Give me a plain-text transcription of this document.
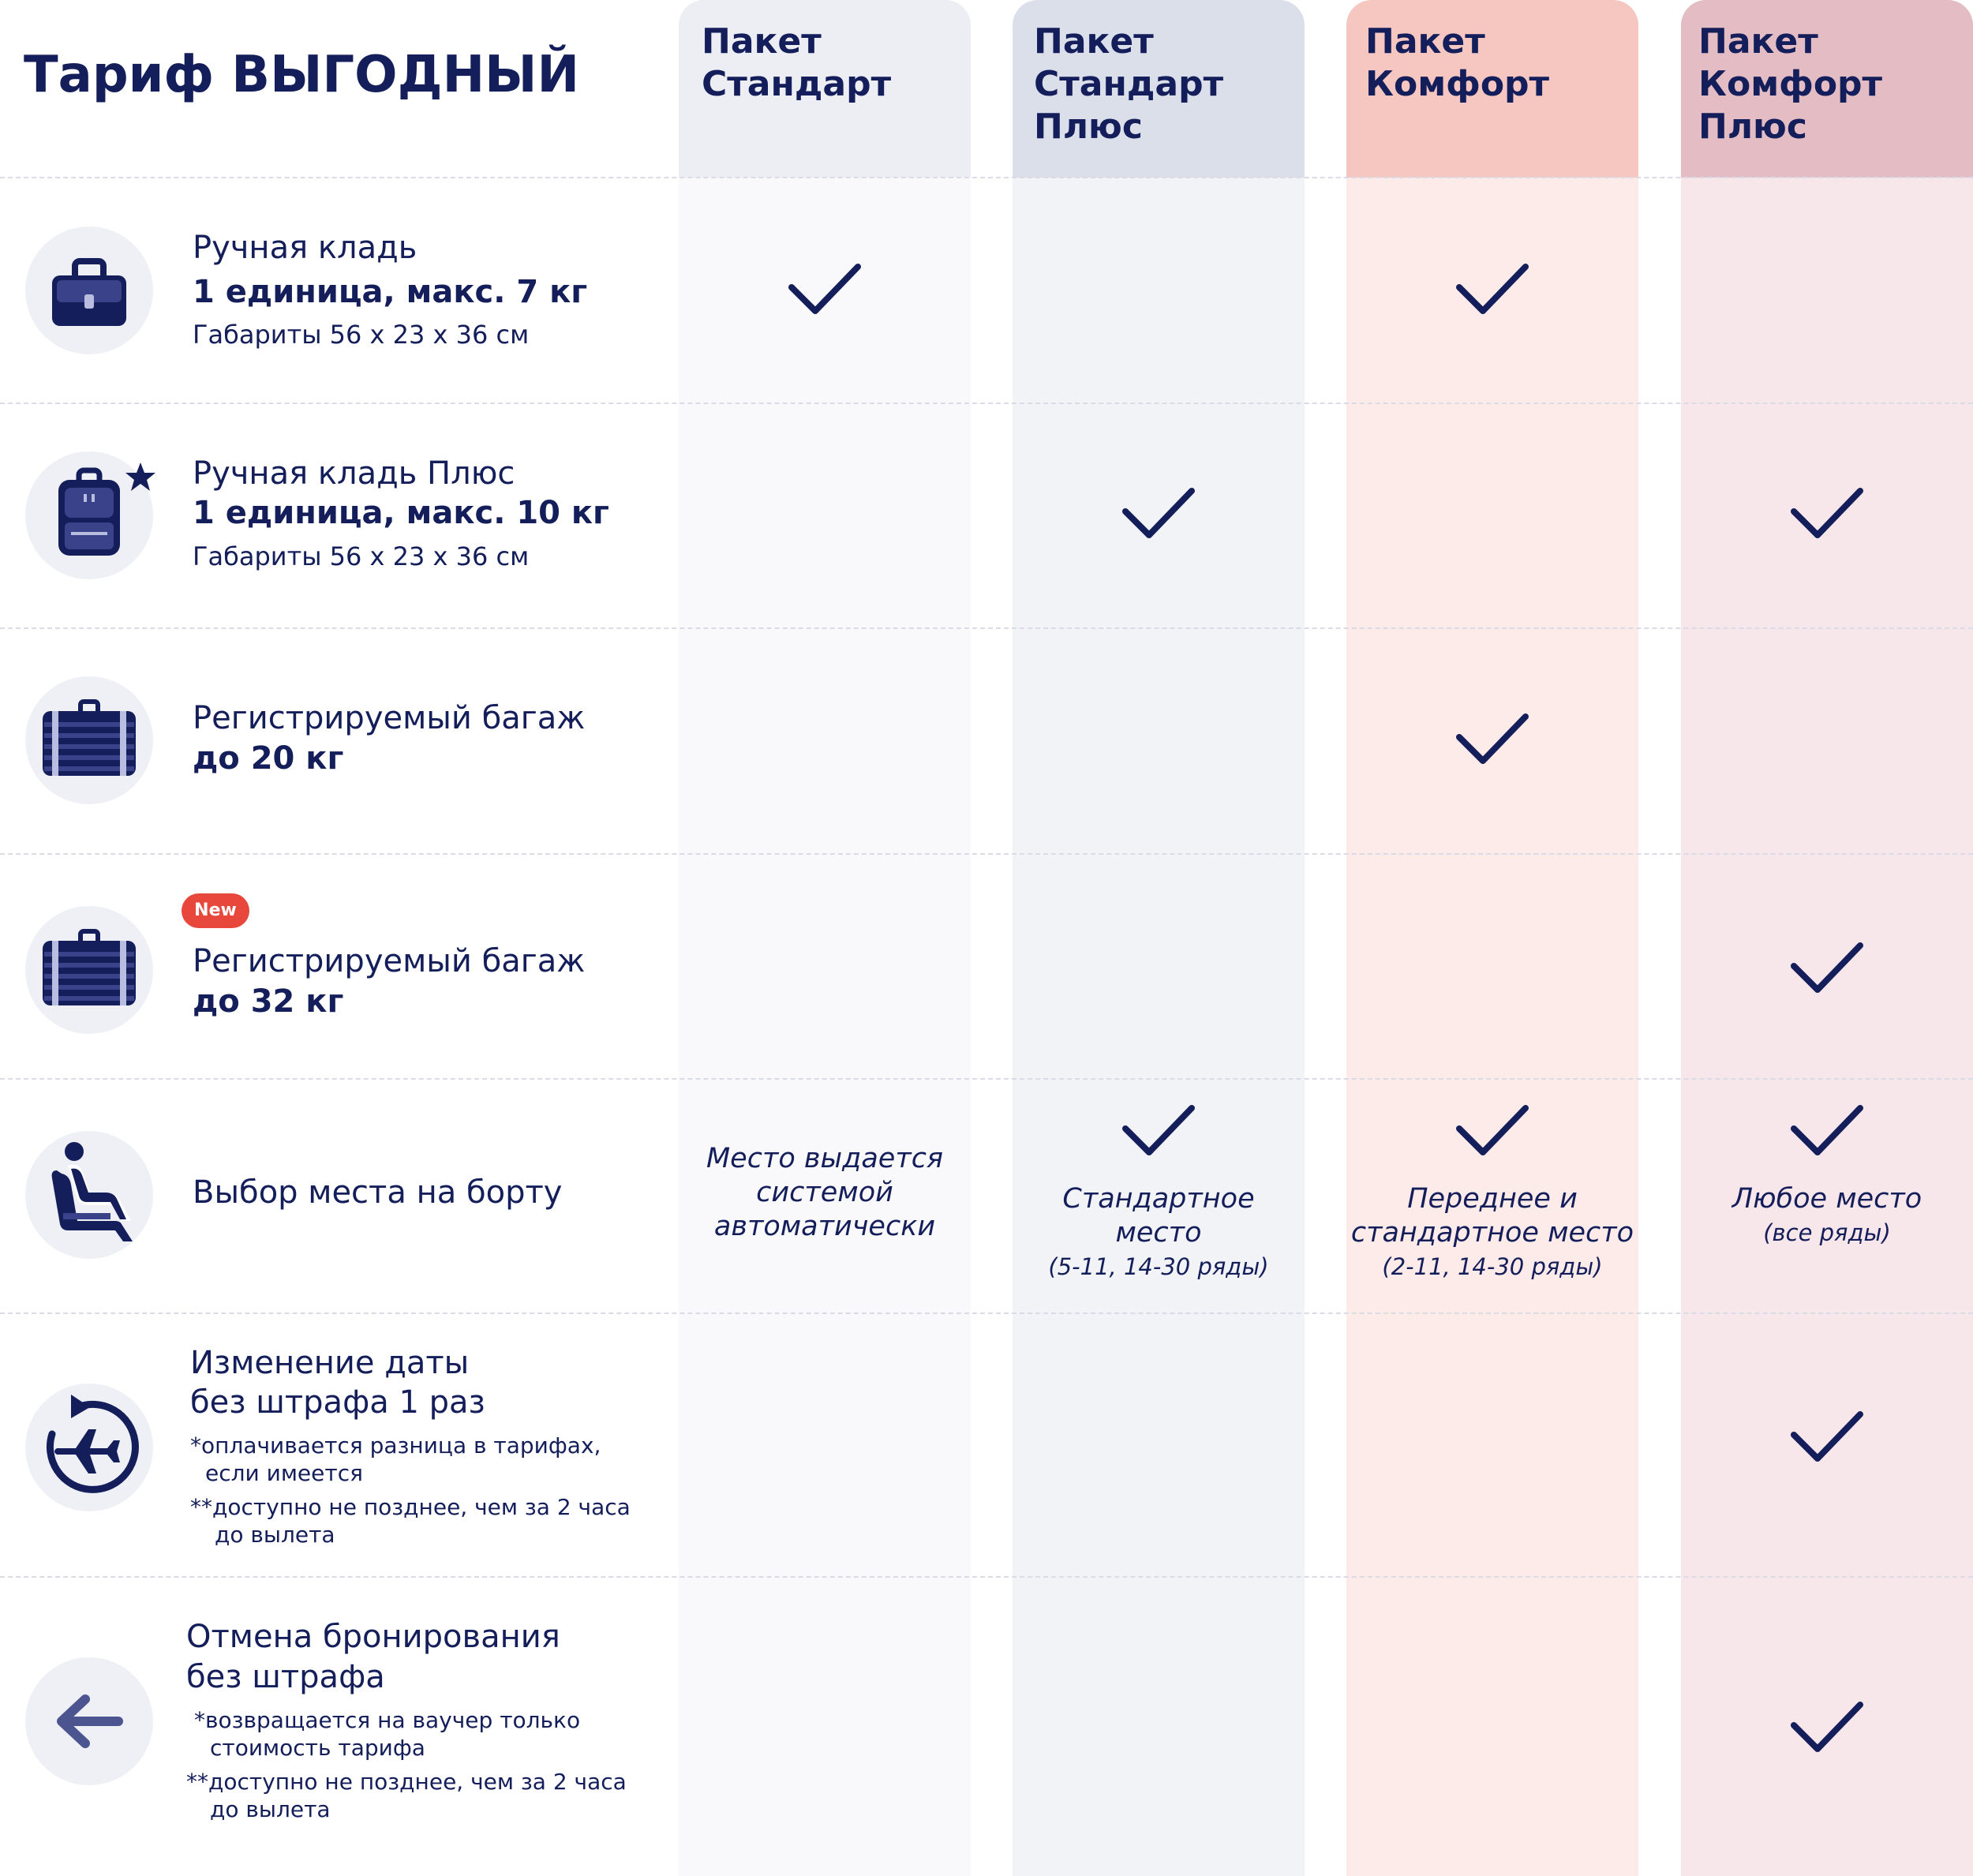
Пакет
Стандарт
Пакет
Стандарт
Плюс
Пакет
Комфорт
Пакет
Комфорт
Плюс
Тариф ВЫГОДНЫЙ
Ручная кладь
1 единица, макс. 7 кг
Габариты 56 x 23 x 36 см
Ручная кладь Плюс
1 единица, макс. 10 кг
Габариты 56 x 23 x 36 см
Регистрируемый багаж
до 20 кг
New
Регистрируемый багаж
до 32 кг
Выбор места на борту
Место выдается
системой
автоматически
Стандартное
место
(5-11, 14-30 ряды)
Переднее и
стандартное место
(2-11, 14-30 ряды)
Любое место
(все ряды)
Изменение даты
без штрафа 1 раз
*оплачивается разница в тарифах,
если имеется
**доступно не позднее, чем за 2 часа
до вылета
Отмена бронирования
без штрафа
*возвращается на ваучер только
стоимость тарифа
**доступно не позднее, чем за 2 часа
до вылета
